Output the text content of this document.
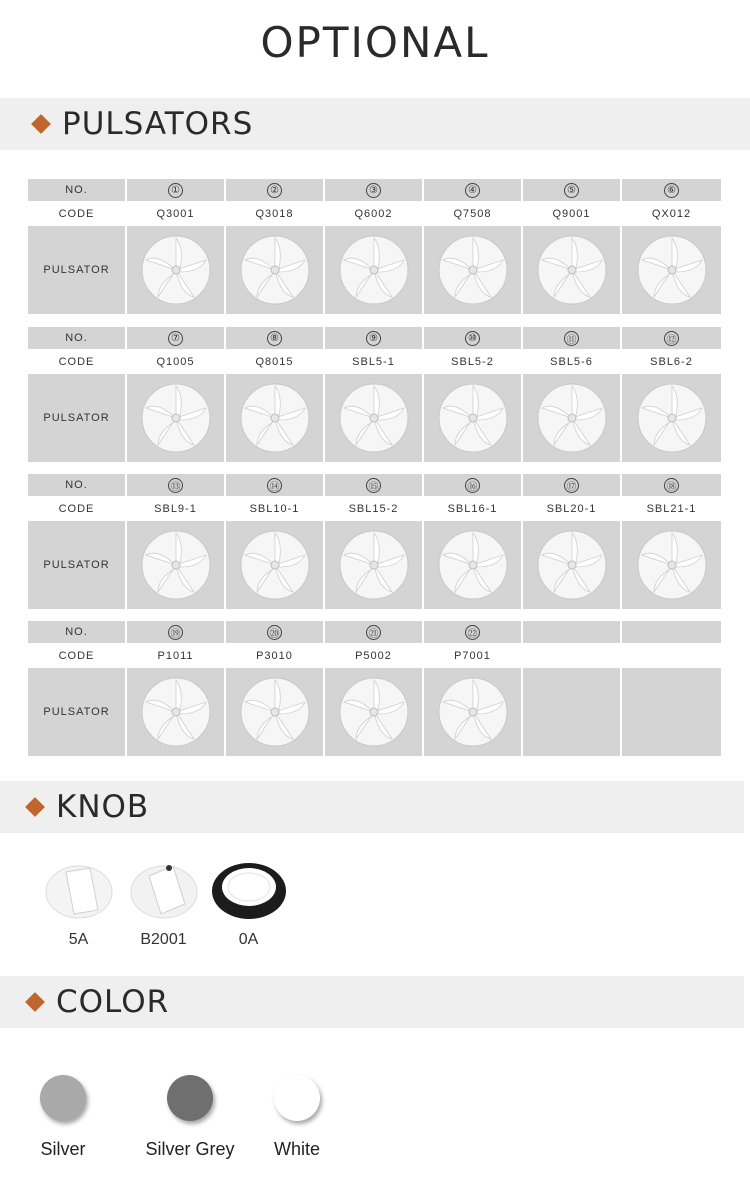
OPTIONAL
PULSATORS
NO.	①	②	③	④	⑤	⑥
CODE	Q3001	Q3018	Q6002	Q7508	Q9001	QX012
PULSATOR
NO.	⑦	⑧	⑨	⑩	⑪	⑫
CODE	Q1005	Q8015	SBL5-1	SBL5-2	SBL5-6	SBL6-2
PULSATOR
NO.	⑬	⑭	⑮	⑯	⑰	⑱
CODE	SBL9-1	SBL10-1	SBL15-2	SBL16-1	SBL20-1	SBL21-1
PULSATOR
NO.	⑲	⑳	㉑	㉒
CODE	P1011	P3010	P5002	P7001
PULSATOR
KNOB
5A	B2001	0A
COLOR
Silver	Silver Grey	White
